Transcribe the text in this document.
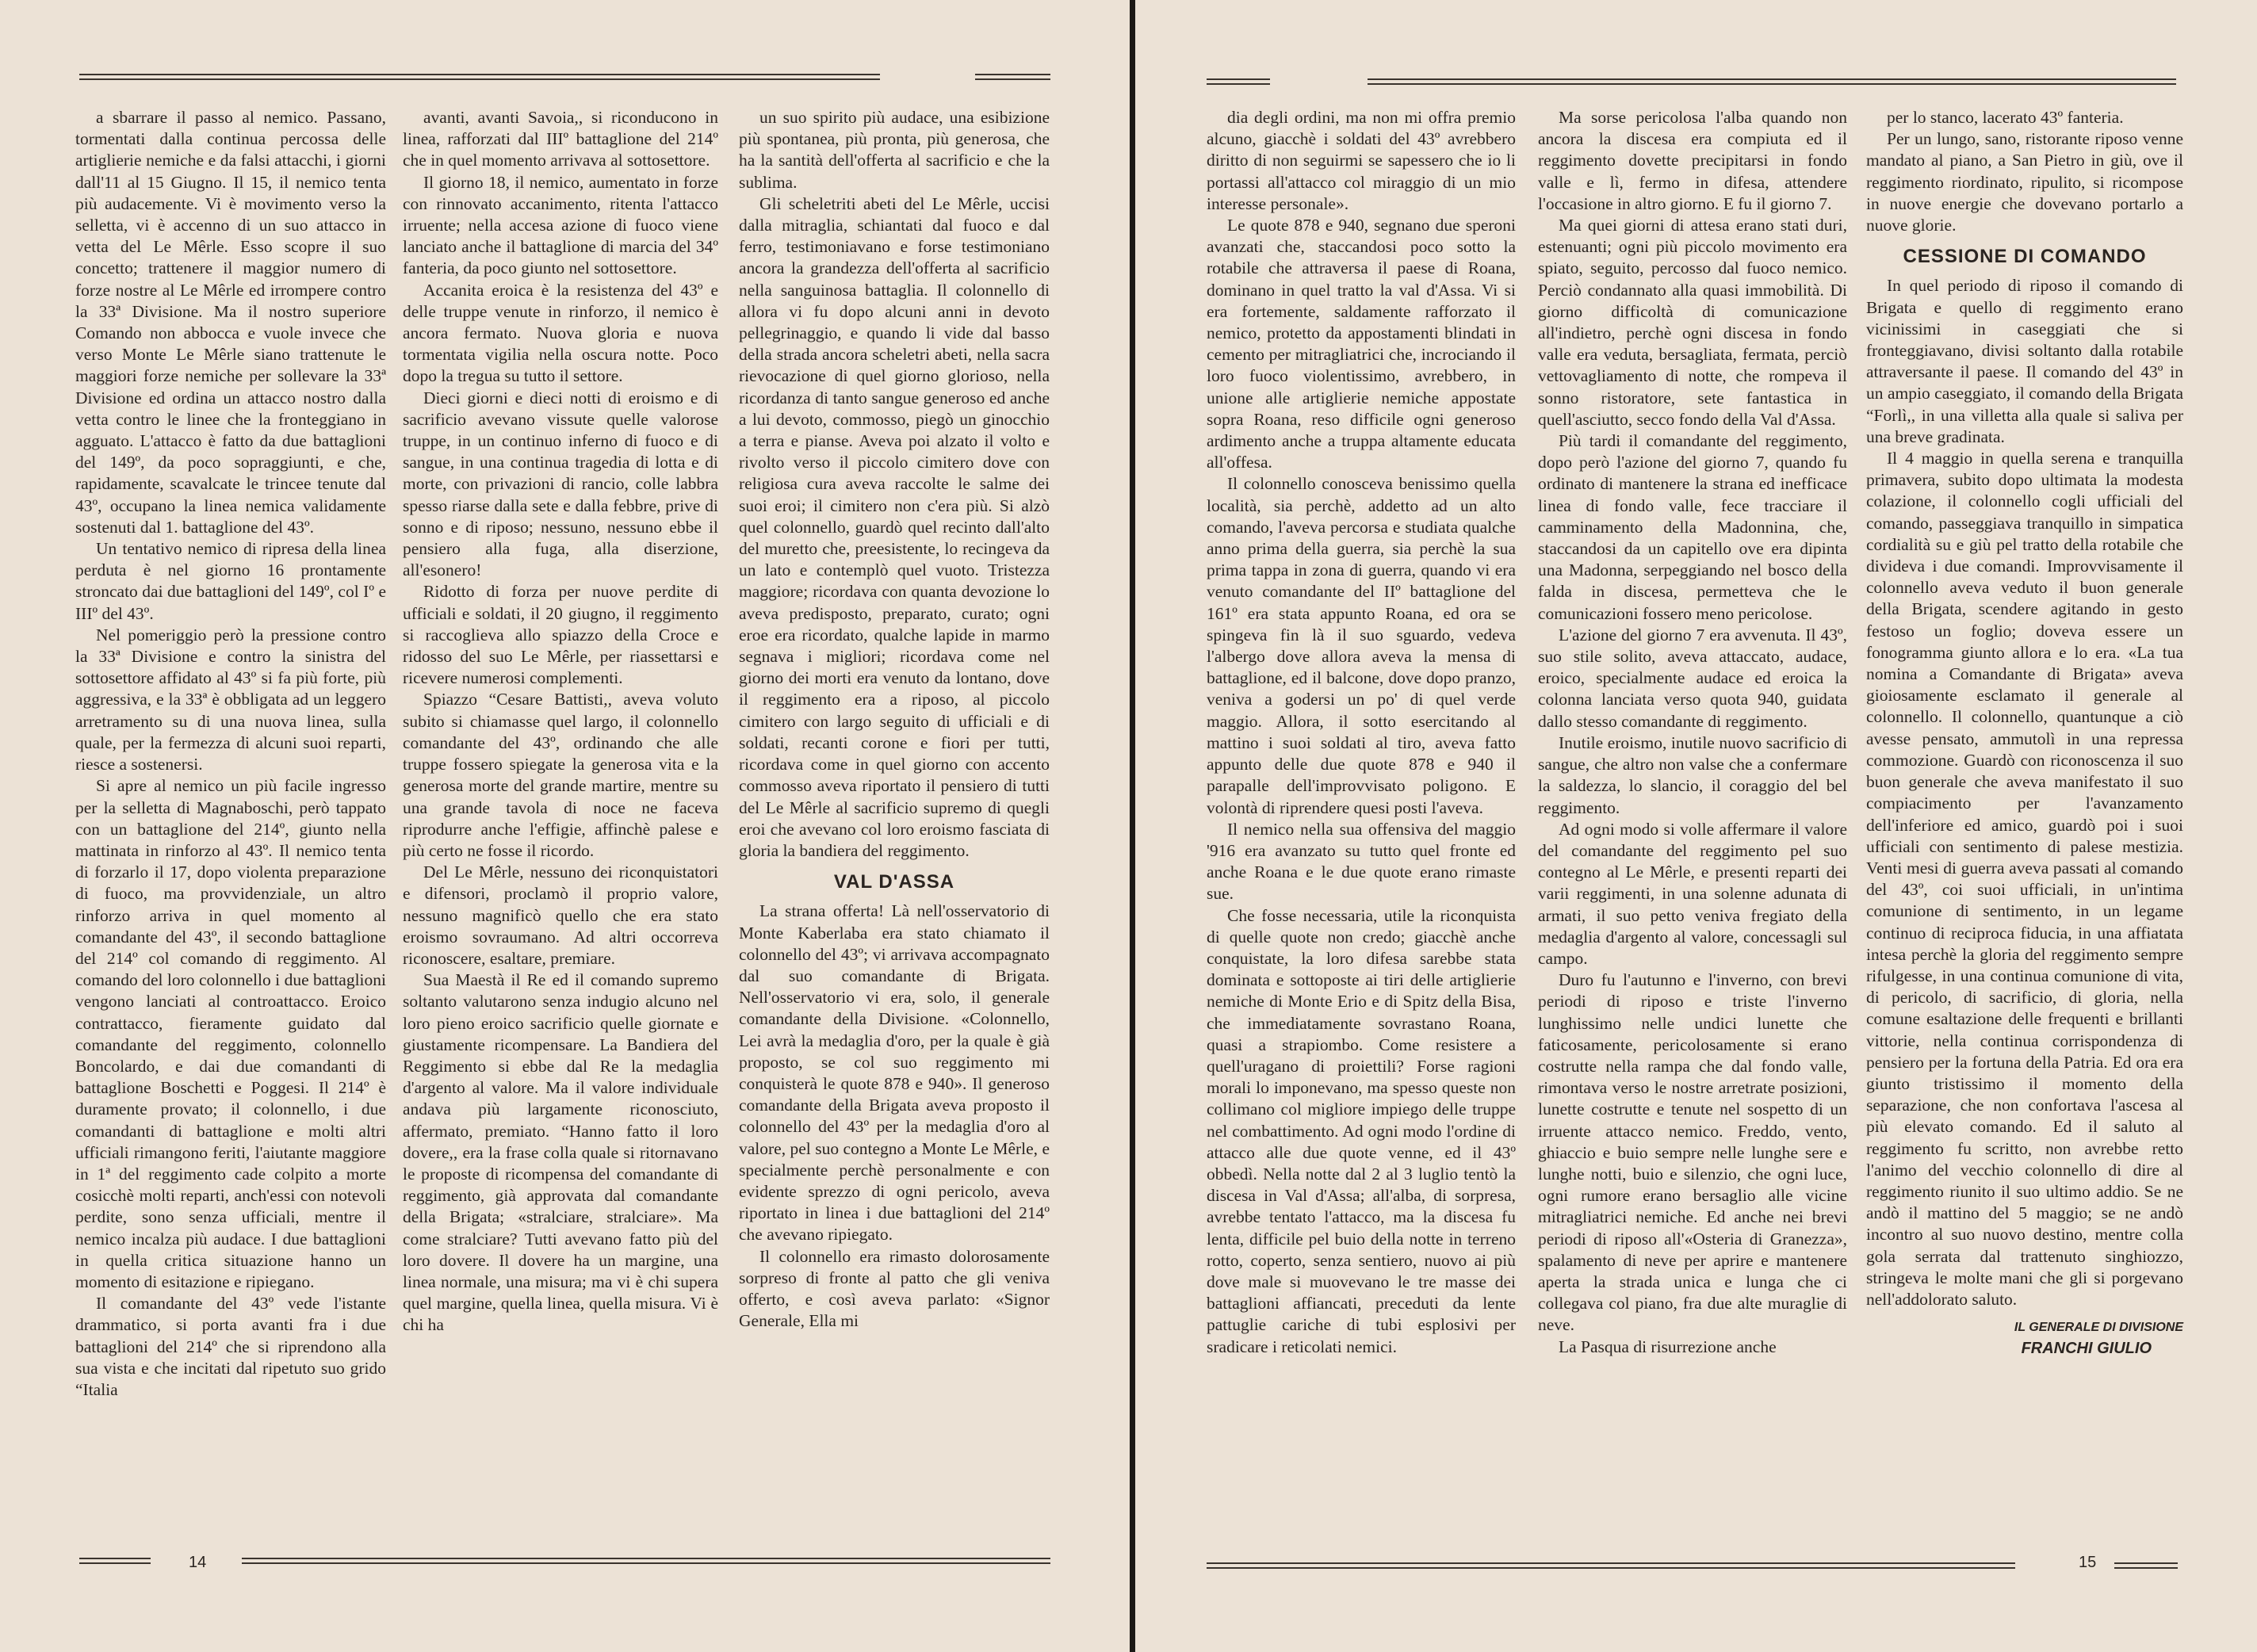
a sbarrare il passo al nemico. Passano, tormentati dalla continua percossa delle artiglierie nemiche e da falsi attacchi, i giorni dall'11 al 15 Giugno. Il 15, il nemico tenta più audacemente. Vi è movimento verso la selletta, vi è accenno di un suo attacco in vetta del Le Mêrle. Esso scopre il suo concetto; trattenere il maggior numero di forze nostre al Le Mêrle ed irrompere contro la 33ª Divisione. Ma il nostro superiore Comando non abbocca e vuole invece che verso Monte Le Mêrle siano trattenute le maggiori forze nemiche per sollevare la 33ª Divisione ed ordina un attacco nostro dalla vetta contro le linee che la fronteggiano in agguato. L'attacco è fatto da due battaglioni del 149º, da poco sopraggiunti, e che, rapidamente, scavalcate le trincee tenute dal 43º, occupano la linea nemica validamente sostenuti dal 1. battaglione del 43º.

Un tentativo nemico di ripresa della linea perduta è nel giorno 16 prontamente stroncato dai due battaglioni del 149º, col Iº e IIIº del 43º.

Nel pomeriggio però la pressione contro la 33ª Divisione e contro la sinistra del sottosettore affidato al 43º si fa più forte, più aggressiva, e la 33ª è obbligata ad un leggero arretramento su di una nuova linea, sulla quale, per la fermezza di alcuni suoi reparti, riesce a sostenersi.

Si apre al nemico un più facile ingresso per la selletta di Magnaboschi, però tappato con un battaglione del 214º, giunto nella mattinata in rinforzo al 43º. Il nemico tenta di forzarlo il 17, dopo violenta preparazione di fuoco, ma provvidenziale, un altro rinforzo arriva in quel momento al comandante del 43º, il secondo battaglione del 214º col comando di reggimento. Al comando del loro colonnello i due battaglioni vengono lanciati al controattacco. Eroico contrattacco, fieramente guidato dal comandante del reggimento, colonnello Boncolardo, e dai due comandanti di battaglione Boschetti e Poggesi. Il 214º è duramente provato; il colonnello, i due comandanti di battaglione e molti altri ufficiali rimangono feriti, l'aiutante maggiore in 1ª del reggimento cade colpito a morte cosicchè molti reparti, anch'essi con notevoli perdite, sono senza ufficiali, mentre il nemico incalza più audace. I due battaglioni in quella critica situazione hanno un momento di esitazione e ripiegano.

Il comandante del 43º vede l'istante drammatico, si porta avanti fra i due battaglioni del 214º che si riprendono alla sua vista e che incitati dal ripetuto suo grido “Italia

avanti, avanti Savoia,, si riconducono in linea, rafforzati dal IIIº battaglione del 214º che in quel momento arrivava al sottosettore.

Il giorno 18, il nemico, aumentato in forze con rinnovato accanimento, ritenta l'attacco irruente; nella accesa azione di fuoco viene lanciato anche il battaglione di marcia del 34º fanteria, da poco giunto nel sottosettore.

Accanita eroica è la resistenza del 43º e delle truppe venute in rinforzo, il nemico è ancora fermato. Nuova gloria e nuova tormentata vigilia nella oscura notte. Poco dopo la tregua su tutto il settore.

Dieci giorni e dieci notti di eroismo e di sacrificio avevano vissute quelle valorose truppe, in un continuo inferno di fuoco e di sangue, in una continua tragedia di lotta e di morte, con privazioni di rancio, colle labbra spesso riarse dalla sete e dalla febbre, prive di sonno e di riposo; nessuno, nessuno ebbe il pensiero alla fuga, alla diserzione, all'esonero!

Ridotto di forza per nuove perdite di ufficiali e soldati, il 20 giugno, il reggimento si raccoglieva allo spiazzo della Croce e ridosso del suo Le Mêrle, per riassettarsi e ricevere numerosi complementi.

Spiazzo “Cesare Battisti,, aveva voluto subito si chiamasse quel largo, il colonnello comandante del 43º, ordinando che alle truppe fossero spiegate la generosa vita e la generosa morte del grande martire, mentre su una grande tavola di noce ne faceva riprodurre anche l'effigie, affinchè palese e più certo ne fosse il ricordo.

Del Le Mêrle, nessuno dei riconquistatori e difensori, proclamò il proprio valore, nessuno magnificò quello che era stato eroismo sovraumano. Ad altri occorreva riconoscere, esaltare, premiare.

Sua Maestà il Re ed il comando supremo soltanto valutarono senza indugio alcuno nel loro pieno eroico sacrificio quelle giornate e giustamente ricompensare. La Bandiera del Reggimento si ebbe dal Re la medaglia d'argento al valore. Ma il valore individuale andava più largamente riconosciuto, affermato, premiato. “Hanno fatto il loro dovere,, era la frase colla quale si ritornavano le proposte di ricompensa del comandante di reggimento, già approvata dal comandante della Brigata; «stralciare, stralciare». Ma come stralciare? Tutti avevano fatto più del loro dovere. Il dovere ha un margine, una linea normale, una misura; ma vi è chi supera quel margine, quella linea, quella misura. Vi è chi ha

un suo spirito più audace, una esibizione più spontanea, più pronta, più generosa, che ha la santità dell'offerta al sacrificio e che la sublima.

Gli scheletriti abeti del Le Mêrle, uccisi dalla mitraglia, schiantati dal fuoco e dal ferro, testimoniavano e forse testimoniano ancora la grandezza dell'offerta al sacrificio nella sanguinosa battaglia. Il colonnello di allora vi fu dopo alcuni anni in devoto pellegrinaggio, e quando li vide dal basso della strada ancora scheletri abeti, nella sacra rievocazione di quel giorno glorioso, nella ricordanza di tanto sangue generoso ed anche a lui devoto, commosso, piegò un ginocchio a terra e pianse. Aveva poi alzato il volto e rivolto verso il piccolo cimitero dove con religiosa cura aveva raccolte le salme dei suoi eroi; il cimitero non c'era più. Si alzò quel colonnello, guardò quel recinto dall'alto del muretto che, preesistente, lo recingeva da un lato e contemplò quel vuoto. Tristezza maggiore; ricordava con quanta devozione lo aveva predisposto, preparato, curato; ogni eroe era ricordato, qualche lapide in marmo segnava i migliori; ricordava come nel giorno dei morti era venuto da lontano, dove il reggimento era a riposo, al piccolo cimitero con largo seguito di ufficiali e di soldati, recanti corone e fiori per tutti, ricordava come in quel giorno con accento commosso aveva riportato il pensiero di tutti del Le Mêrle al sacrificio supremo di quegli eroi che avevano col loro eroismo fasciata di gloria la bandiera del reggimento.

VAL D'ASSA

La strana offerta! Là nell'osservatorio di Monte Kaberlaba era stato chiamato il colonnello del 43º; vi arrivava accompagnato dal suo comandante di Brigata. Nell'osservatorio vi era, solo, il generale comandante della Divisione. «Colonnello, Lei avrà la medaglia d'oro, per la quale è già proposto, se col suo reggimento mi conquisterà le quote 878 e 940». Il generoso comandante della Brigata aveva proposto il colonnello del 43º per la medaglia d'oro al valore, pel suo contegno a Monte Le Mêrle, e specialmente perchè personalmente e con evidente sprezzo di ogni pericolo, aveva riportato in linea i due battaglioni del 214º che avevano ripiegato.

Il colonnello era rimasto dolorosamente sorpreso di fronte al patto che gli veniva offerto, e così aveva parlato: «Signor Generale, Ella mi

14

dia degli ordini, ma non mi offra premio alcuno, giacchè i soldati del 43º avrebbero diritto di non seguirmi se sapessero che io li portassi all'attacco col miraggio di un mio interesse personale».

Le quote 878 e 940, segnano due speroni avanzati che, staccandosi poco sotto la rotabile che attraversa il paese di Roana, dominano in quel tratto la val d'Assa. Vi si era fortemente, saldamente rafforzato il nemico, protetto da appostamenti blindati in cemento per mitragliatrici che, incrociando il loro fuoco violentissimo, avrebbero, in unione alle artiglierie nemiche appostate sopra Roana, reso difficile ogni generoso ardimento anche a truppa altamente educata all'offesa.

Il colonnello conosceva benissimo quella località, sia perchè, addetto ad un alto comando, l'aveva percorsa e studiata qualche anno prima della guerra, sia perchè la sua prima tappa in zona di guerra, quando vi era venuto comandante del IIº battaglione del 161º era stata appunto Roana, ed ora se spingeva fin là il suo sguardo, vedeva l'albergo dove allora aveva la mensa di battaglione, ed il balcone, dove dopo pranzo, veniva a godersi un po' di quel verde maggio. Allora, il sotto esercitando al mattino i suoi soldati al tiro, aveva fatto appunto delle due quote 878 e 940 il parapalle dell'improvvisato poligono. E volontà di riprendere quesi posti l'aveva.

Il nemico nella sua offensiva del maggio '916 era avanzato su tutto quel fronte ed anche Roana e le due quote erano rimaste sue.

Che fosse necessaria, utile la riconquista di quelle quote non credo; giacchè anche conquistate, la loro difesa sarebbe stata dominata e sottoposte ai tiri delle artiglierie nemiche di Monte Erio e di Spitz della Bisa, che immediatamente sovrastano Roana, quasi a strapiombo. Come resistere a quell'uragano di proiettili? Forse ragioni morali lo imponevano, ma spesso queste non collimano col migliore impiego delle truppe nel combattimento. Ad ogni modo l'ordine di attacco alle due quote venne, ed il 43º obbedì. Nella notte dal 2 al 3 luglio tentò la discesa in Val d'Assa; all'alba, di sorpresa, avrebbe tentato l'attacco, ma la discesa fu lenta, difficile pel buio della notte in terreno rotto, coperto, senza sentiero, nuovo ai più dove male si muovevano le tre masse dei battaglioni affiancati, preceduti da lente pattuglie cariche di tubi esplosivi per sradicare i reticolati nemici.

Ma sorse pericolosa l'alba quando non ancora la discesa era compiuta ed il reggimento dovette precipitarsi in fondo valle e lì, fermo in difesa, attendere l'occasione in altro giorno. E fu il giorno 7.

Ma quei giorni di attesa erano stati duri, estenuanti; ogni più piccolo movimento era spiato, seguito, percosso dal fuoco nemico. Perciò condannato alla quasi immobilità. Di giorno difficoltà di comunicazione all'indietro, perchè ogni discesa in fondo valle era veduta, bersagliata, fermata, perciò vettovagliamento di notte, che rompeva il sonno ristoratore, sete fantastica in quell'asciutto, secco fondo della Val d'Assa.

Più tardi il comandante del reggimento, dopo però l'azione del giorno 7, quando fu ordinato di mantenere la strana ed inefficace linea di fondo valle, fece tracciare il camminamento della Madonnina, che, staccandosi da un capitello ove era dipinta una Madonna, serpeggiando nel bosco della falda in discesa, permetteva che le comunicazioni fossero meno pericolose.

L'azione del giorno 7 era avvenuta. Il 43º, suo stile solito, aveva attaccato, audace, eroico, specialmente audace ed eroica la colonna lanciata verso quota 940, guidata dallo stesso comandante di reggimento.

Inutile eroismo, inutile nuovo sacrificio di sangue, che altro non valse che a confermare la saldezza, lo slancio, il coraggio del bel reggimento.

Ad ogni modo si volle affermare il valore del comandante del reggimento pel suo contegno al Le Mêrle, e presenti reparti dei varii reggimenti, in una solenne adunata di armati, il suo petto veniva fregiato della medaglia d'argento al valore, concessagli sul campo.

Duro fu l'autunno e l'inverno, con brevi periodi di riposo e triste l'inverno lunghissimo nelle undici lunette che faticosamente, pericolosamente si erano costrutte nella rampa che dal fondo valle, rimontava verso le nostre arretrate posizioni, lunette costrutte e tenute nel sospetto di un irruente attacco nemico. Freddo, vento, ghiaccio e buio sempre nelle lunghe sere e lunghe notti, buio e silenzio, che ogni luce, ogni rumore erano bersaglio alle vicine mitragliatrici nemiche. Ed anche nei brevi periodi di riposo all'«Osteria di Granezza», spalamento di neve per aprire e mantenere aperta la strada unica e lunga che ci collegava col piano, fra due alte muraglie di neve.

La Pasqua di risurrezione anche

per lo stanco, lacerato 43º fanteria.

Per un lungo, sano, ristorante riposo venne mandato al piano, a San Pietro in giù, ove il reggimento riordinato, ripulito, si ricompose in nuove energie che dovevano portarlo a nuove glorie.

CESSIONE DI COMANDO

In quel periodo di riposo il comando di Brigata e quello di reggimento erano vicinissimi in caseggiati che si fronteggiavano, divisi soltanto dalla rotabile attraversante il paese. Il comando del 43º in un ampio caseggiato, il comando della Brigata “Forlì,, in una villetta alla quale si saliva per una breve gradinata.

Il 4 maggio in quella serena e tranquilla primavera, subito dopo ultimata la modesta colazione, il colonnello cogli ufficiali del comando, passeggiava tranquillo in simpatica cordialità su e giù pel tratto della rotabile che divideva i due comandi. Improvvisamente il colonnello aveva veduto il buon generale della Brigata, scendere agitando in gesto festoso un foglio; doveva essere un fonogramma giunto allora e lo era. «La tua nomina a Comandante di Brigata» aveva gioiosamente esclamato il generale al colonnello. Il colonnello, quantunque a ciò avesse pensato, ammutolì in una repressa commozione. Guardò con riconoscenza il suo buon generale che aveva manifestato il suo compiacimento per l'avanzamento dell'inferiore ed amico, guardò poi i suoi ufficiali con sentimento di palese mestizia. Venti mesi di guerra aveva passati al comando del 43º, coi suoi ufficiali, in un'intima comunione di sentimento, in un legame continuo di reciproca fiducia, in una affiatata intesa perchè la gloria del reggimento sempre rifulgesse, in una continua comunione di vita, di pericolo, di sacrificio, di gloria, nella comune esaltazione delle frequenti e brillanti vittorie, nella continua corrispondenza di pensiero per la fortuna della Patria. Ed ora era giunto tristissimo il momento della separazione, che non confortava l'ascesa al più elevato comando. Ed il saluto al reggimento fu scritto, non avrebbe retto l'animo del vecchio colonnello di dire al reggimento riunito il suo ultimo addio. Se ne andò il mattino del 5 maggio; se ne andò incontro al suo nuovo destino, mentre colla gola serrata dal trattenuto singhiozzo, stringeva le molte mani che gli si porgevano nell'addolorato saluto.

IL GENERALE DI DIVISIONE
FRANCHI GIULIO
15
